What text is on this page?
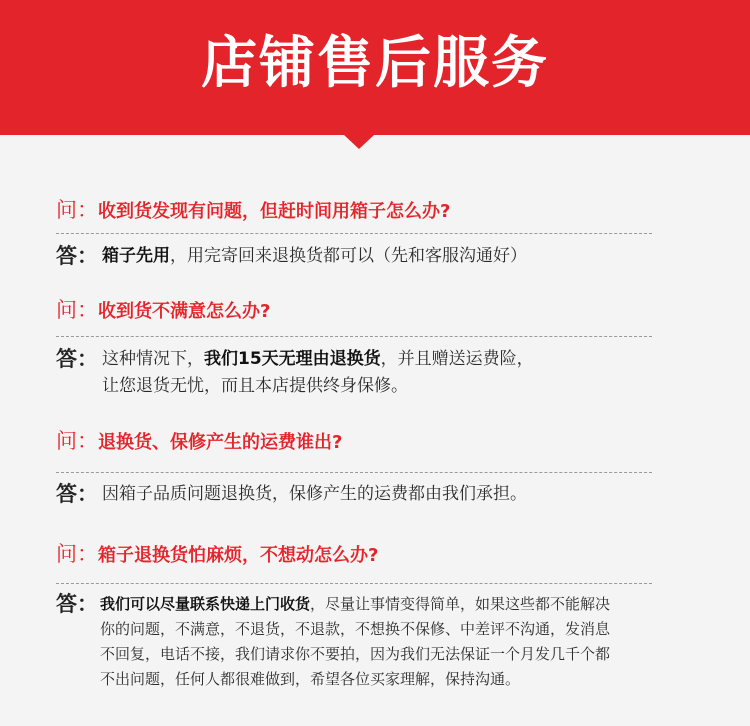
店铺售后服务
问：收到货发现有问题，但赶时间用箱子怎么办?
答： 箱子先用，用完寄回来退换货都可以（先和客服沟通好）
问：收到货不满意怎么办?
答： 这种情况下，我们15天无理由退换货，并且赠送运费险，
让您退货无忧，而且本店提供终身保修。
问：退换货、保修产生的运费谁出?
答： 因箱子品质问题退换货，保修产生的运费都由我们承担。
问：箱子退换货怕麻烦，不想动怎么办?
答： 我们可以尽量联系快递上门收货，尽量让事情变得简单，如果这些都不能解决
你的问题，不满意，不退货，不退款，不想换不保修、中差评不沟通，发消息
不回复，电话不接，我们请求你不要拍，因为我们无法保证一个月发几千个都
不出问题，任何人都很难做到，希望各位买家理解，保持沟通。
